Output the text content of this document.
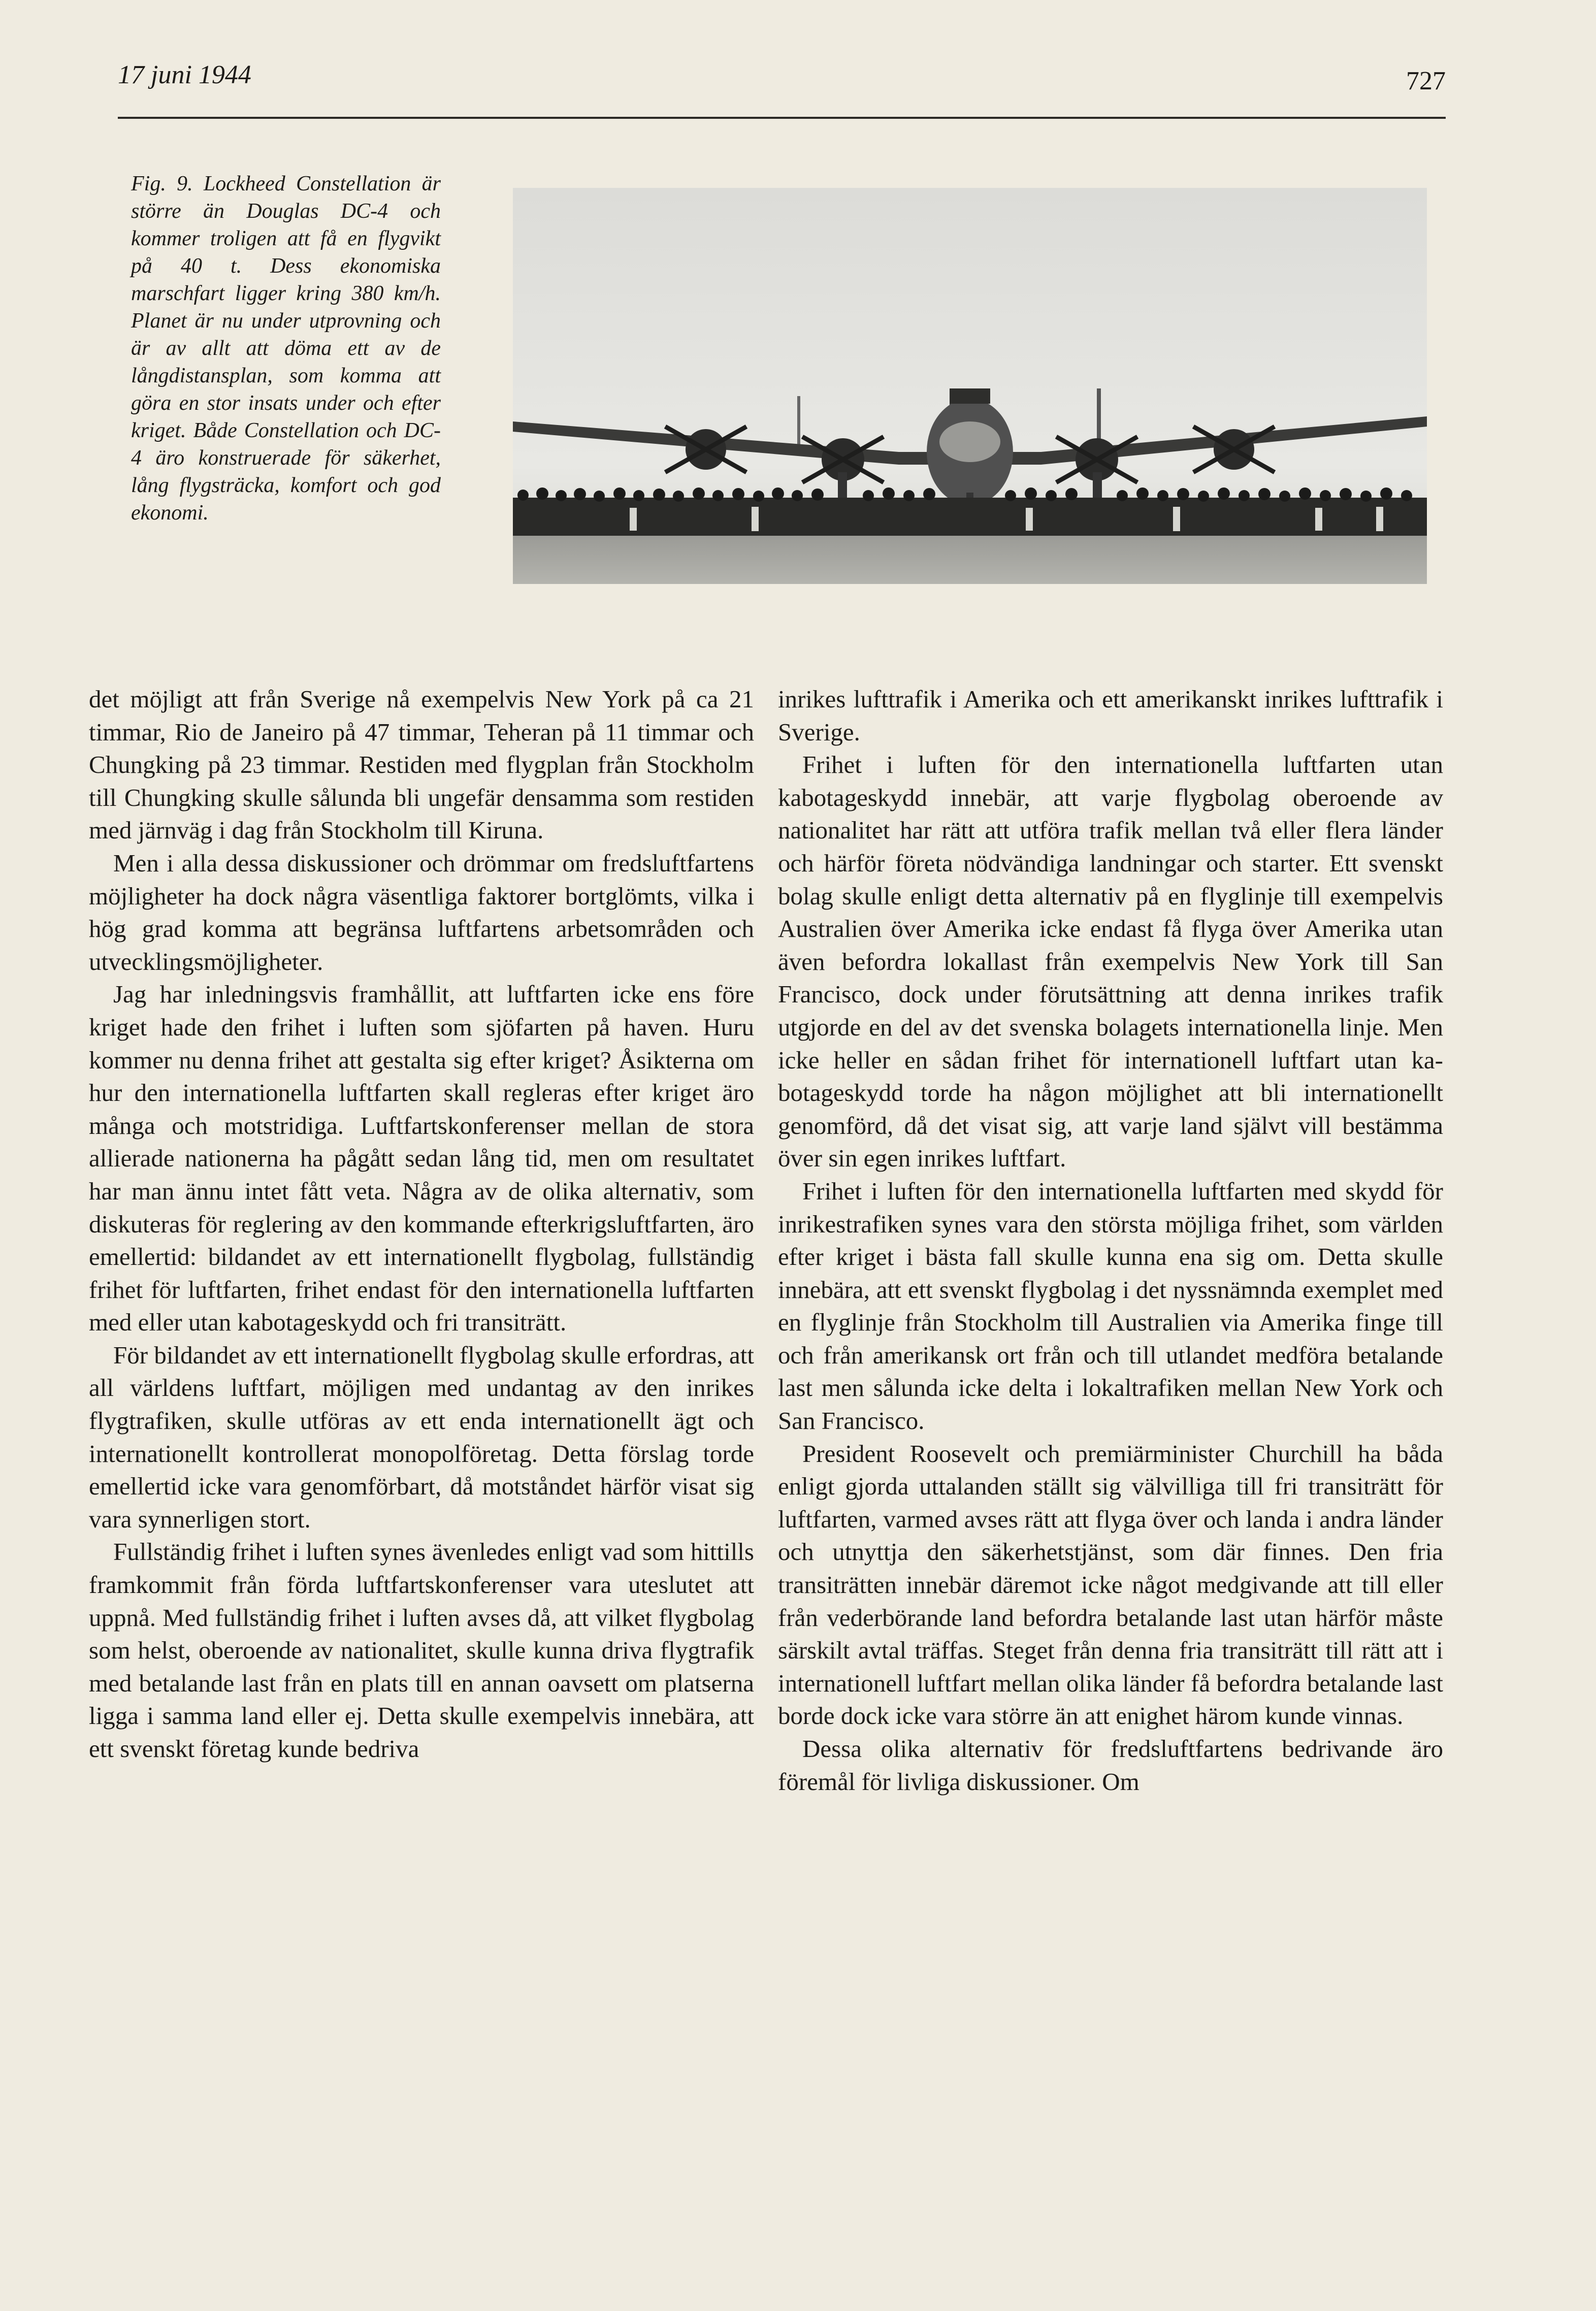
17 juni 1944	727

Fig. 9. Lockheed Constellation är större än Douglas DC-4 och kommer troligen att få en flygvikt på 40 t. Dess ekonomiska marschfart ligger kring 380 km/h. Planet är nu under utprovning och är av allt att döma ett av de långdistansplan, som komma att göra en stor insats under och efter kriget. Både Constellation och DC-4 äro konstruerade för säkerhet, lång flygsträcka, komfort och god ekonomi.

det möjligt att från Sverige nå exempelvis New York på ca 21 timmar, Rio de Janeiro på 47 timmar, Teheran på 11 timmar och Chungking på 23 timmar. Restiden med flygplan från Stockholm till Chungking skulle sålunda bli ungefär densamma som restiden med järnväg i dag från Stockholm till Kiruna.

Men i alla dessa diskussioner och drömmar om fredsluftfartens möjligheter ha dock några väsentliga faktorer bortglömts, vilka i hög grad komma att begränsa luftfartens arbetsområden och utvecklingsmöjligheter.

Jag har inledningsvis framhållit, att luftfarten icke ens före kriget hade den frihet i luften som sjöfarten på haven. Huru kommer nu denna frihet att gestalta sig efter kriget? Åsikterna om hur den internationella luftfarten skall regleras efter kriget äro många och motstridiga. Luftfartskonferenser mellan de stora allierade nationerna ha pågått sedan lång tid, men om resultatet har man ännu intet fått veta. Några av de olika alternativ, som diskuteras för reglering av den kommande efterkrigsluftfarten, äro emellertid: bildandet av ett internationellt flygbolag, fullständig frihet för luftfarten, frihet endast för den internationella luftfarten med eller utan kabotageskydd och fri transiträtt.

För bildandet av ett internationellt flygbolag skulle erfordras, att all världens luftfart, möjligen med undantag av den inrikes flygtrafiken, skulle utföras av ett enda internationellt ägt och internationellt kontrollerat monopolföretag. Detta förslag torde emellertid icke vara genomförbart, då motståndet härför visat sig vara synnerligen stort.

Fullständig frihet i luften synes ävenledes enligt vad som hittills framkommit från förda luftfartskonferenser vara uteslutet att uppnå. Med fullständig frihet i luften avses då, att vilket flygbolag som helst, oberoende av nationalitet, skulle kunna driva flygtrafik med betalande last från en plats till en annan oavsett om platserna ligga i samma land eller ej. Detta skulle exempelvis innebära, att ett svenskt företag kunde bedriva

inrikes lufttrafik i Amerika och ett amerikanskt inrikes lufttrafik i Sverige.

Frihet i luften för den internationella luftfarten utan kabotageskydd innebär, att varje flygbolag oberoende av nationalitet har rätt att utföra trafik mellan två eller flera länder och härför företa nödvändiga landningar och starter. Ett svenskt bolag skulle enligt detta alternativ på en flyglinje till exempelvis Australien över Amerika icke endast få flyga över Amerika utan även befordra lokallast från exempelvis New York till San Francisco, dock under förutsättning att denna inrikes trafik utgjorde en del av det svenska bolagets internationella linje. Men icke heller en sådan frihet för internationell luftfart utan kabotageskydd torde ha någon möjlighet att bli internationellt genomförd, då det visat sig, att varje land självt vill bestämma över sin egen inrikes luftfart.

Frihet i luften för den internationella luftfarten med skydd för inrikestrafiken synes vara den största möjliga frihet, som världen efter kriget i bästa fall skulle kunna ena sig om. Detta skulle innebära, att ett svenskt flygbolag i det nyssnämnda exemplet med en flyglinje från Stockholm till Australien via Amerika finge till och från amerikansk ort från och till utlandet medföra betalande last men sålunda icke delta i lokaltrafiken mellan New York och San Francisco.

President Roosevelt och premiärminister Churchill ha båda enligt gjorda uttalanden ställt sig välvilliga till fri transiträtt för luftfarten, varmed avses rätt att flyga över och landa i andra länder och utnyttja den säkerhetstjänst, som där finnes. Den fria transiträtten innebär däremot icke något medgivande att till eller från vederbörande land befordra betalande last utan härför måste särskilt avtal träffas. Steget från denna fria transiträtt till rätt att i internationell luftfart mellan olika länder få befordra betalande last borde dock icke vara större än att enighet härom kunde vinnas.

Dessa olika alternativ för fredsluftfartens bedrivande äro föremål för livliga diskussioner. Om
